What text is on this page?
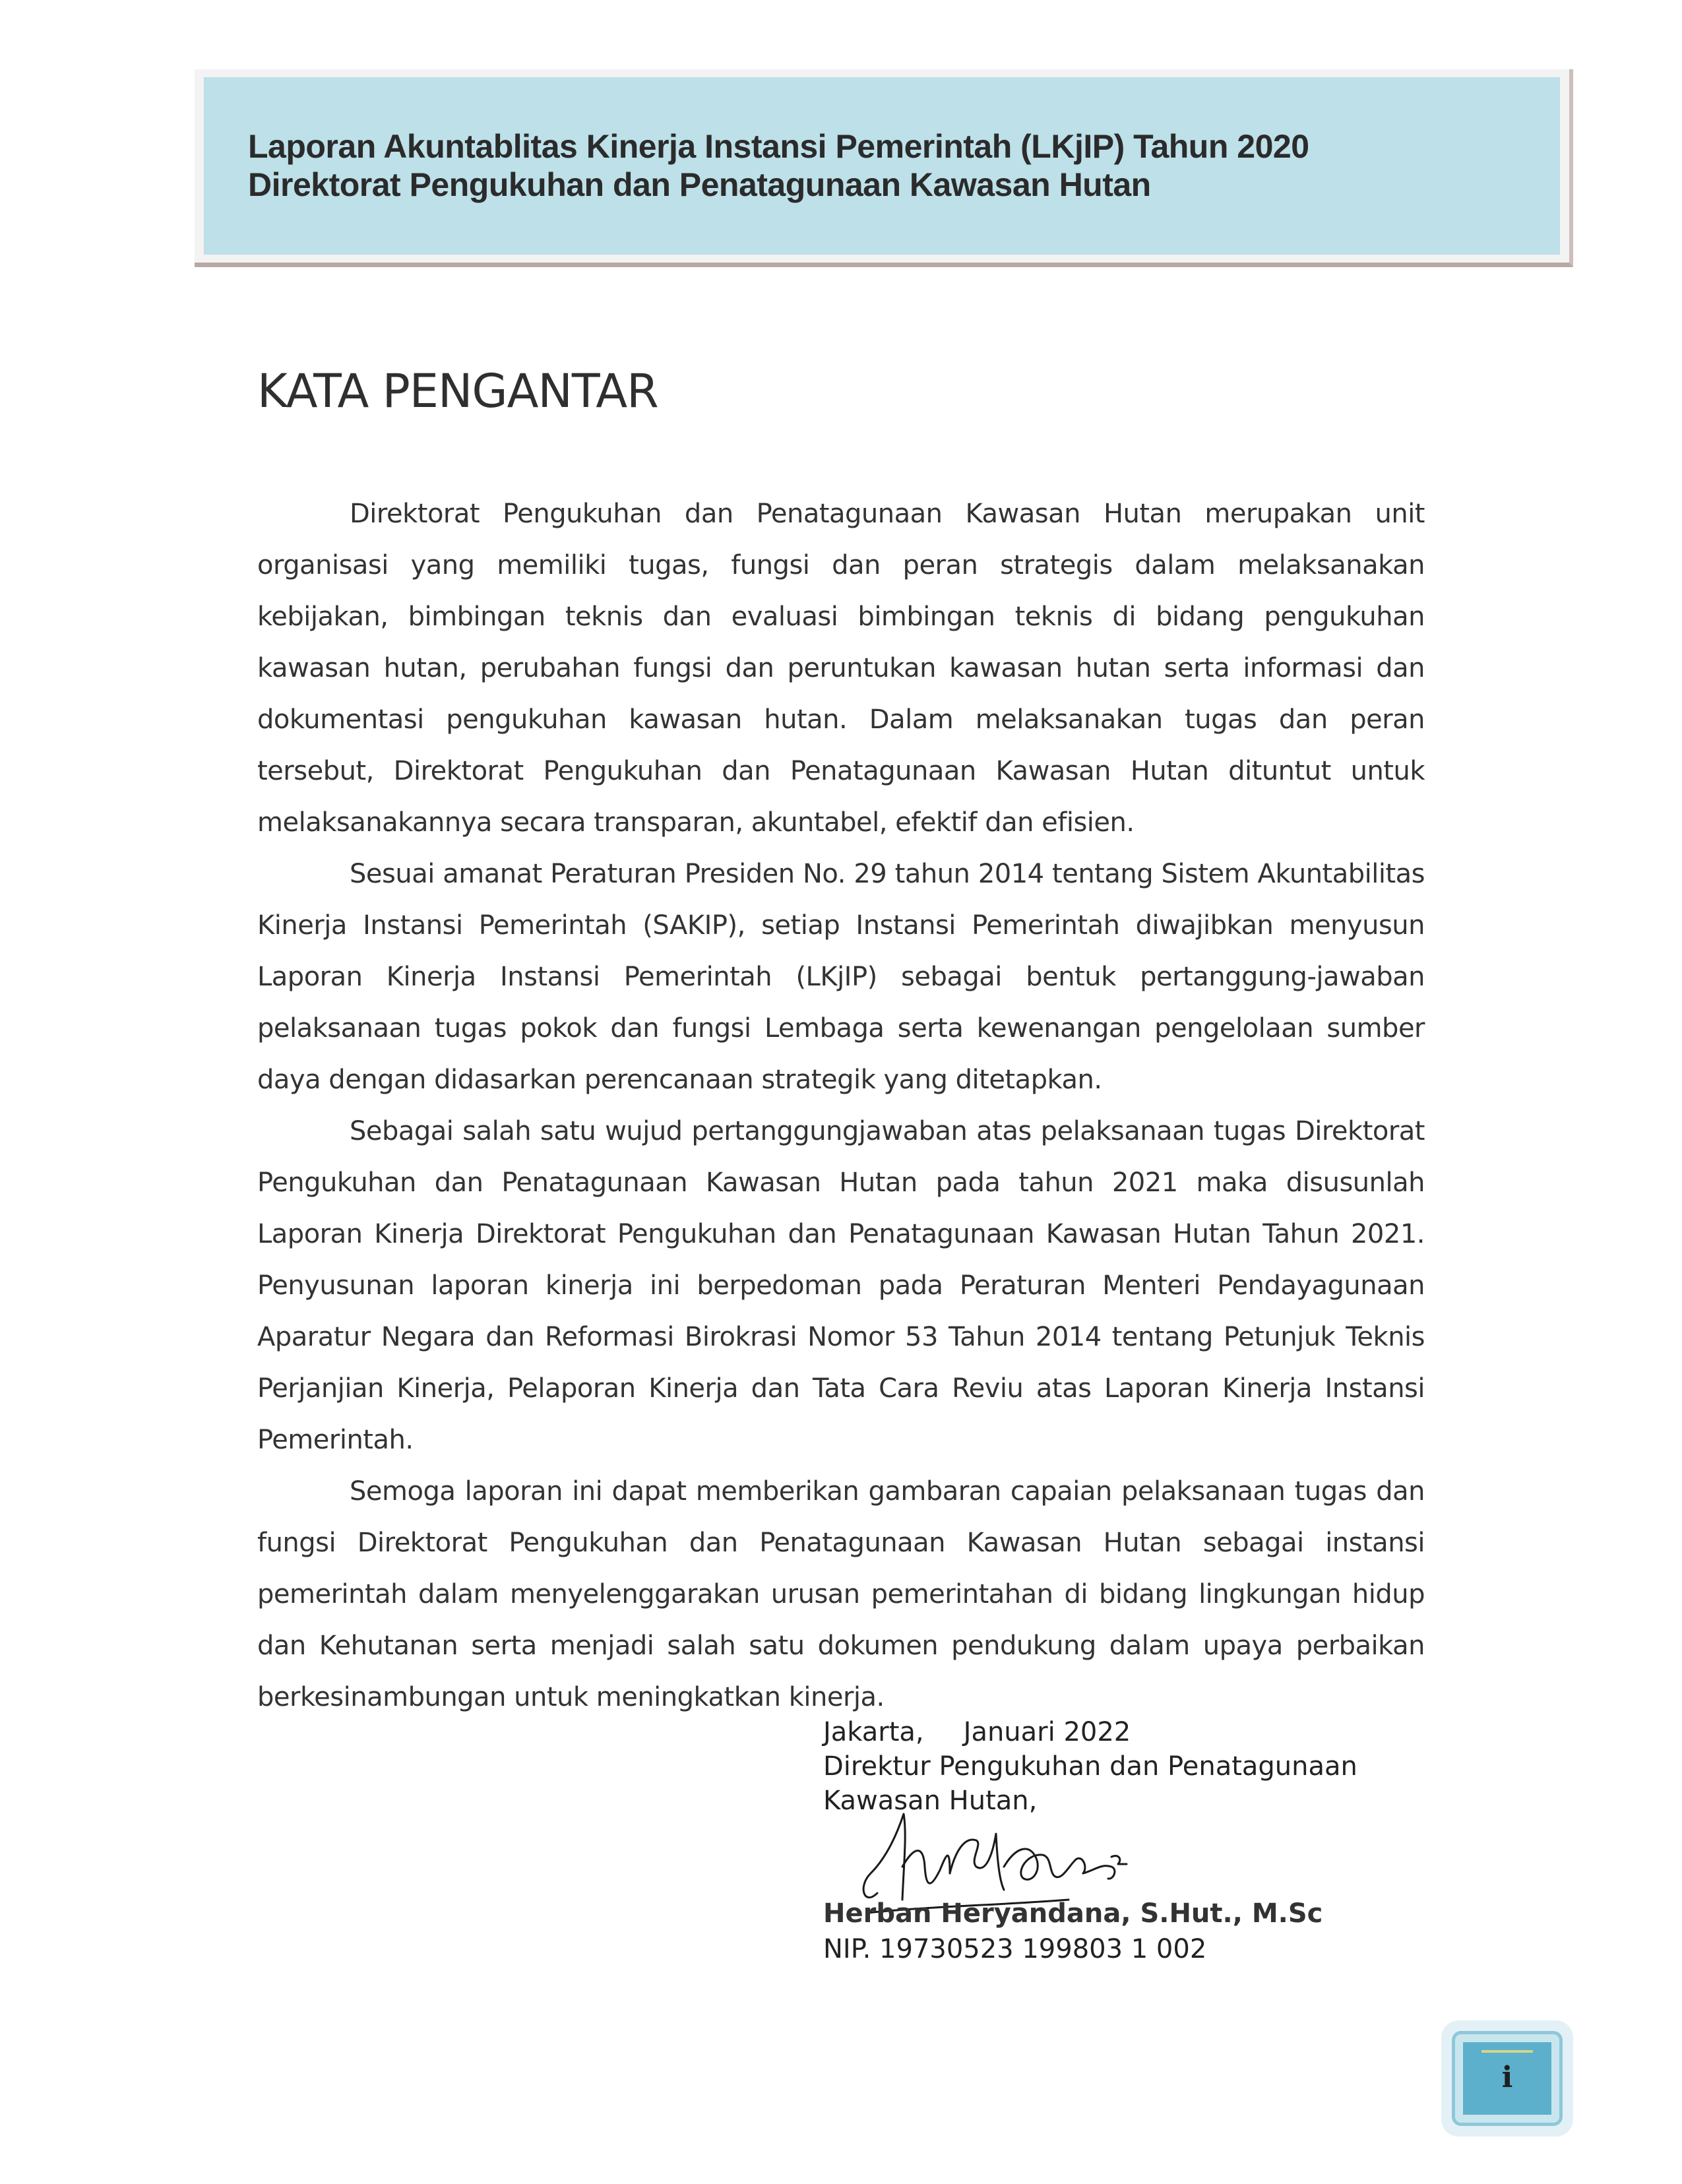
Laporan Akuntablitas Kinerja Instansi Pemerintah (LKjIP) Tahun 2020
Direktorat Pengukuhan dan Penatagunaan Kawasan Hutan
KATA PENGANTAR

Direktorat Pengukuhan dan Penatagunaan Kawasan Hutan merupakan unit organisasi yang memiliki tugas, fungsi dan peran strategis dalam melaksanakan kebijakan, bimbingan teknis dan evaluasi bimbingan teknis di bidang pengukuhan kawasan hutan, perubahan fungsi dan peruntukan kawasan hutan serta informasi dan dokumentasi pengukuhan kawasan hutan. Dalam melaksanakan tugas dan peran tersebut, Direktorat Pengukuhan dan Penatagunaan Kawasan Hutan dituntut untuk melaksanakannya secara transparan, akuntabel, efektif dan efisien.

Sesuai amanat Peraturan Presiden No. 29 tahun 2014 tentang Sistem Akuntabilitas Kinerja Instansi Pemerintah (SAKIP), setiap Instansi Pemerintah diwajibkan menyusun Laporan Kinerja Instansi Pemerintah (LKjIP) sebagai bentuk pertanggung-jawaban pelaksanaan tugas pokok dan fungsi Lembaga serta kewenangan pengelolaan sumber daya dengan didasarkan perencanaan strategik yang ditetapkan.

Sebagai salah satu wujud pertanggungjawaban atas pelaksanaan tugas Direktorat Pengukuhan dan Penatagunaan Kawasan Hutan pada tahun 2021 maka disusunlah Laporan Kinerja Direktorat Pengukuhan dan Penatagunaan Kawasan Hutan Tahun 2021. Penyusunan laporan kinerja ini berpedoman pada Peraturan Menteri Pendayagunaan Aparatur Negara dan Reformasi Birokrasi Nomor 53 Tahun 2014 tentang Petunjuk Teknis Perjanjian Kinerja, Pelaporan Kinerja dan Tata Cara Reviu atas Laporan Kinerja Instansi Pemerintah.

Semoga laporan ini dapat memberikan gambaran capaian pelaksanaan tugas dan fungsi Direktorat Pengukuhan dan Penatagunaan Kawasan Hutan sebagai instansi pemerintah dalam menyelenggarakan urusan pemerintahan di bidang lingkungan hidup dan Kehutanan serta menjadi salah satu dokumen pendukung dalam upaya perbaikan berkesinambungan untuk meningkatkan kinerja.

Jakarta, Januari 2022
Direktur Pengukuhan dan Penatagunaan
Kawasan Hutan,
Herban Heryandana, S.Hut., M.Sc
NIP. 19730523 199803 1 002
i
